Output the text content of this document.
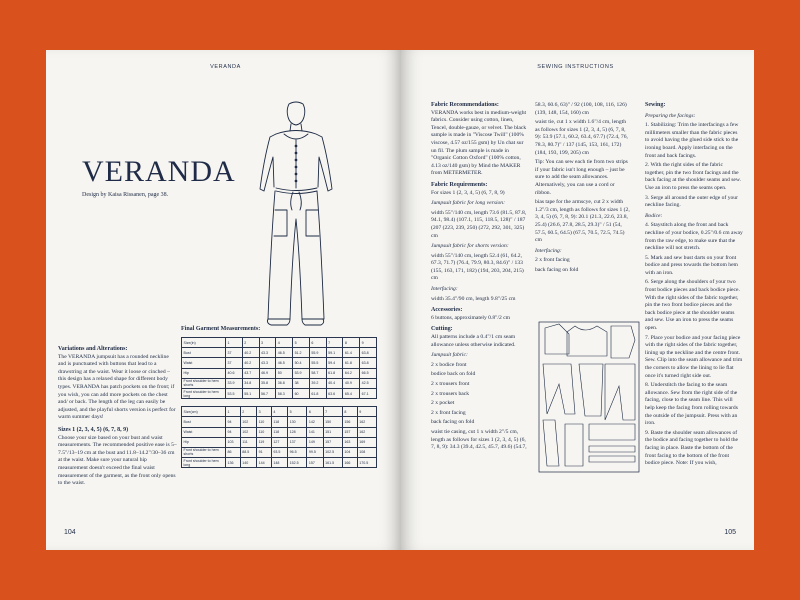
VERANDA
VERANDA
Design by Kaisa Rissanen, page 38.
Variations and Alterations:

The VERANDA jumpsuit has a rounded neckline and is punctuated with buttons that lead to a drawstring at the waist. Wear it loose or cinched – this design has a relaxed shape for different body types. VERANDA has patch pockets on the front; if you wish, you can add more pockets on the chest and/ or back. The length of the leg can easily be adjusted, and the playful shorts version is perfect for warm summer days!

Sizes 1 (2, 3, 4, 5) (6, 7, 8, 9)

Choose your size based on your bust and waist measurements. The recommended positive ease is 5–7.5"/13–19 cm at the bust and 11.8–14.2"/30–36 cm at the waist. Make sure your natural hip measurement doesn't exceed the final waist measurement of the garment, as the front only opens to the waist.

Final Garment Measurements:
Size(in)	1	2	3	4	5	6	7	8	9
Bust	37	40.2	43.3	46.5	51.2	55.9	59.1	61.4	63.8
Waist	37	40.2	43.3	46.5	50.4	55.5	59.4	61.8	63.8
Hip	40.6	43.7	46.9	50	53.9	58.7	61.8	64.2	66.5
Front shoulder to hem shorts	33.9	34.8	35.8	36.8	38	39.2	40.4	40.9	42.5
Front shoulder to hem long	53.5	55.1	56.7	58.3	60	61.8	63.6	65.4	67.1
Size(cm)	1	2	3	4	5	6	7	8	9
Bust	94	102	110	118	130	142	150	156	162
Waist	94	102	110	118	128	141	151	157	162
Hip	103	111	119	127	137	149	157	163	169
Front shoulder to hem shorts	86	88.5	91	93.5	96.5	99.5	102.5	104	108
Front shoulder to hem long	136	140	144	148	152.5	157	161.5	166	170.5
104
SEWING INSTRUCTIONS
Fabric Recommendations:

VERANDA works best in medium-weight fabrics. Consider using cotton, linen, Tencel, double-gauze, or velvet. The black sample is made in "Viscose Twill" (100% viscose, 4.57 oz/155 gsm) by Un chat sur un fil. The plum sample is made in "Organic Cotton Oxford" (100% cotton, 4.13 oz/140 gsm) by Mind the MAKER from METERMETER.

Fabric Requirements:

For sizes 1 (2, 3, 4, 5) (6, 7, 8, 9)

Jumpsuit fabric for long version:

width 55"/140 cm, length 73.6 (81.5, 87.8, 94.1, 98.4) (107.1, 115, 118.5, 128)" / 187 (207 (223, 239, 250) (272, 292, 301, 325) cm

Jumpsuit fabric for shorts version:

width 55"/140 cm, length 52.4 (61, 64.2, 67.3, 71.7) (76.4, 79.9, 80.3, 84.6)" / 133 (155, 163, 171, 182) (194, 203, 204, 215) cm

Interfacing:

width 35.4"/90 cm, length 9.8"/25 cm

Accessories:

6 buttons, approximately 0.8"/2 cm

Cutting:

All patterns include a 0.4"/1 cm seam allowance unless otherwise indicated.

Jumpsuit fabric:

2 x bodice front

bodice back on fold

2 x trousers front

2 x trousers back

2 x pocket

2 x front facing

back facing on fold

waist tie casing, cut 1 x width 2"/5 cm, length as follows for sizes 1 (2, 3, 4, 5) (6, 7, 8, 9): 34.3 (39.4, 42.5, 45.7, 49.6) (54.7,

58.3, 60.6, 63)" / 92 (100, 108, 116, 126) (139, 148, 154, 160) cm

waist tie, cut 1 x width 1.6"/4 cm, length as follows for sizes 1 (2, 3, 4, 5) (6, 7, 8, 9): 53.9 (57.1, 60.2, 63.4, 67.7) (72.4, 76, 78.3, 80.7)" / 137 (145, 153, 161, 172) (184, 193, 199, 205) cm

Tip: You can sew each tie from two strips if your fabric isn't long enough – just be sure to add the seam allowances. Alternatively, you can use a cord or ribbon.

bias tape for the armscye, cut 2 x width 1.2"/3 cm, length as follows for sizes 1 (2, 3, 4, 5) (6, 7, 8, 9): 20.1 (21.3, 22.6, 23.8, 25.4) (26.6, 27.8, 28.5, 29.3)" / 51 (54, 57.5, 60.5, 64.5) (67.5, 70.5, 72.5, 74.5) cm

Interfacing:

2 x front facing

back facing on fold

Sewing:

Preparing the facings:

1. Stabilizing: Trim the interfacings a few millimeters smaller than the fabric pieces to avoid having the glued side stick to the ironing board. Apply interfacing on the front and back facings.

2. With the right sides of the fabric together, pin the two front facings and the back facing at the shoulder seams and sew. Use an iron to press the seams open.

3. Serge all around the outer edge of your neckline facing.

Bodice:

4. Staystitch along the front and back neckline of your bodice, 0.25"/0.6 cm away from the raw edge, to make sure that the neckline will not stretch.

5. Mark and sew bust darts on your front bodice and press towards the bottom hem with an iron.

6. Serge along the shoulders of your two front bodice pieces and back bodice piece. With the right sides of the fabric together, pin the two front bodice pieces and the back bodice piece at the shoulder seams and sew. Use an iron to press the seams open.

7. Place your bodice and your facing piece with the right sides of the fabric together, lining up the neckline and the centre front. Sew. Clip into the seam allowance and trim the corners to allow the lining to lie flat once it's turned right side out.

8. Understitch the facing to the seam allowance. Sew from the right side of the facing, close to the seam line. This will help keep the facing from rolling towards the outside of the jumpsuit. Press with an iron.

9. Baste the shoulder seam allowances of the bodice and facing together to hold the facing in place. Baste the bottom of the front facing to the bottom of the front bodice piece. Note: If you wish,

105
